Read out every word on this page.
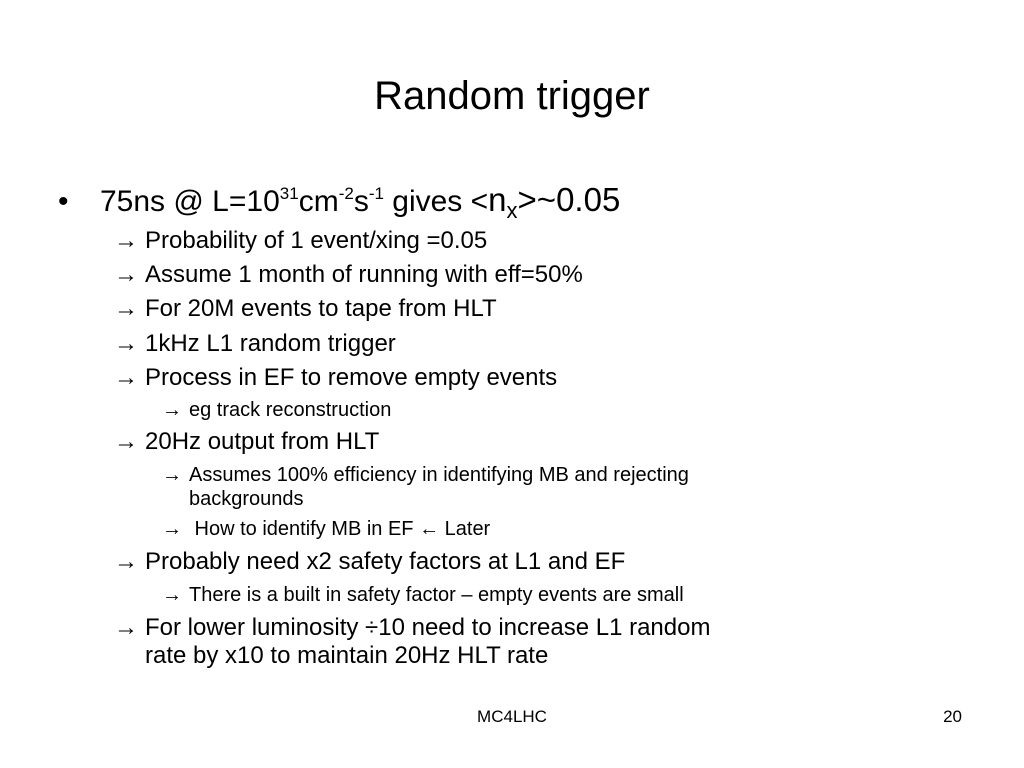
Random trigger
• 75ns @ $L=10^{31}cm^{-2}s^{-1}$ gives $<n_x>\sim 0.05$
→ Probability of 1 event/xing =0.05
→ Assume 1 month of running with eff=50%
→ For 20M events to tape from HLT
→ 1kHz L1 random trigger
→ Process in EF to remove empty events
→ eg track reconstruction
→ 20Hz output from HLT
→ Assumes 100% efficiency in identifying MB and rejecting
backgrounds
→ How to identify MB in EF ← Later
→ Probably need x2 safety factors at L1 and EF
→ There is a built in safety factor – empty events are small
→ For lower luminosity ÷10 need to increase L1 random
rate by x10 to maintain 20Hz HLT rate
MC4LHC	20
